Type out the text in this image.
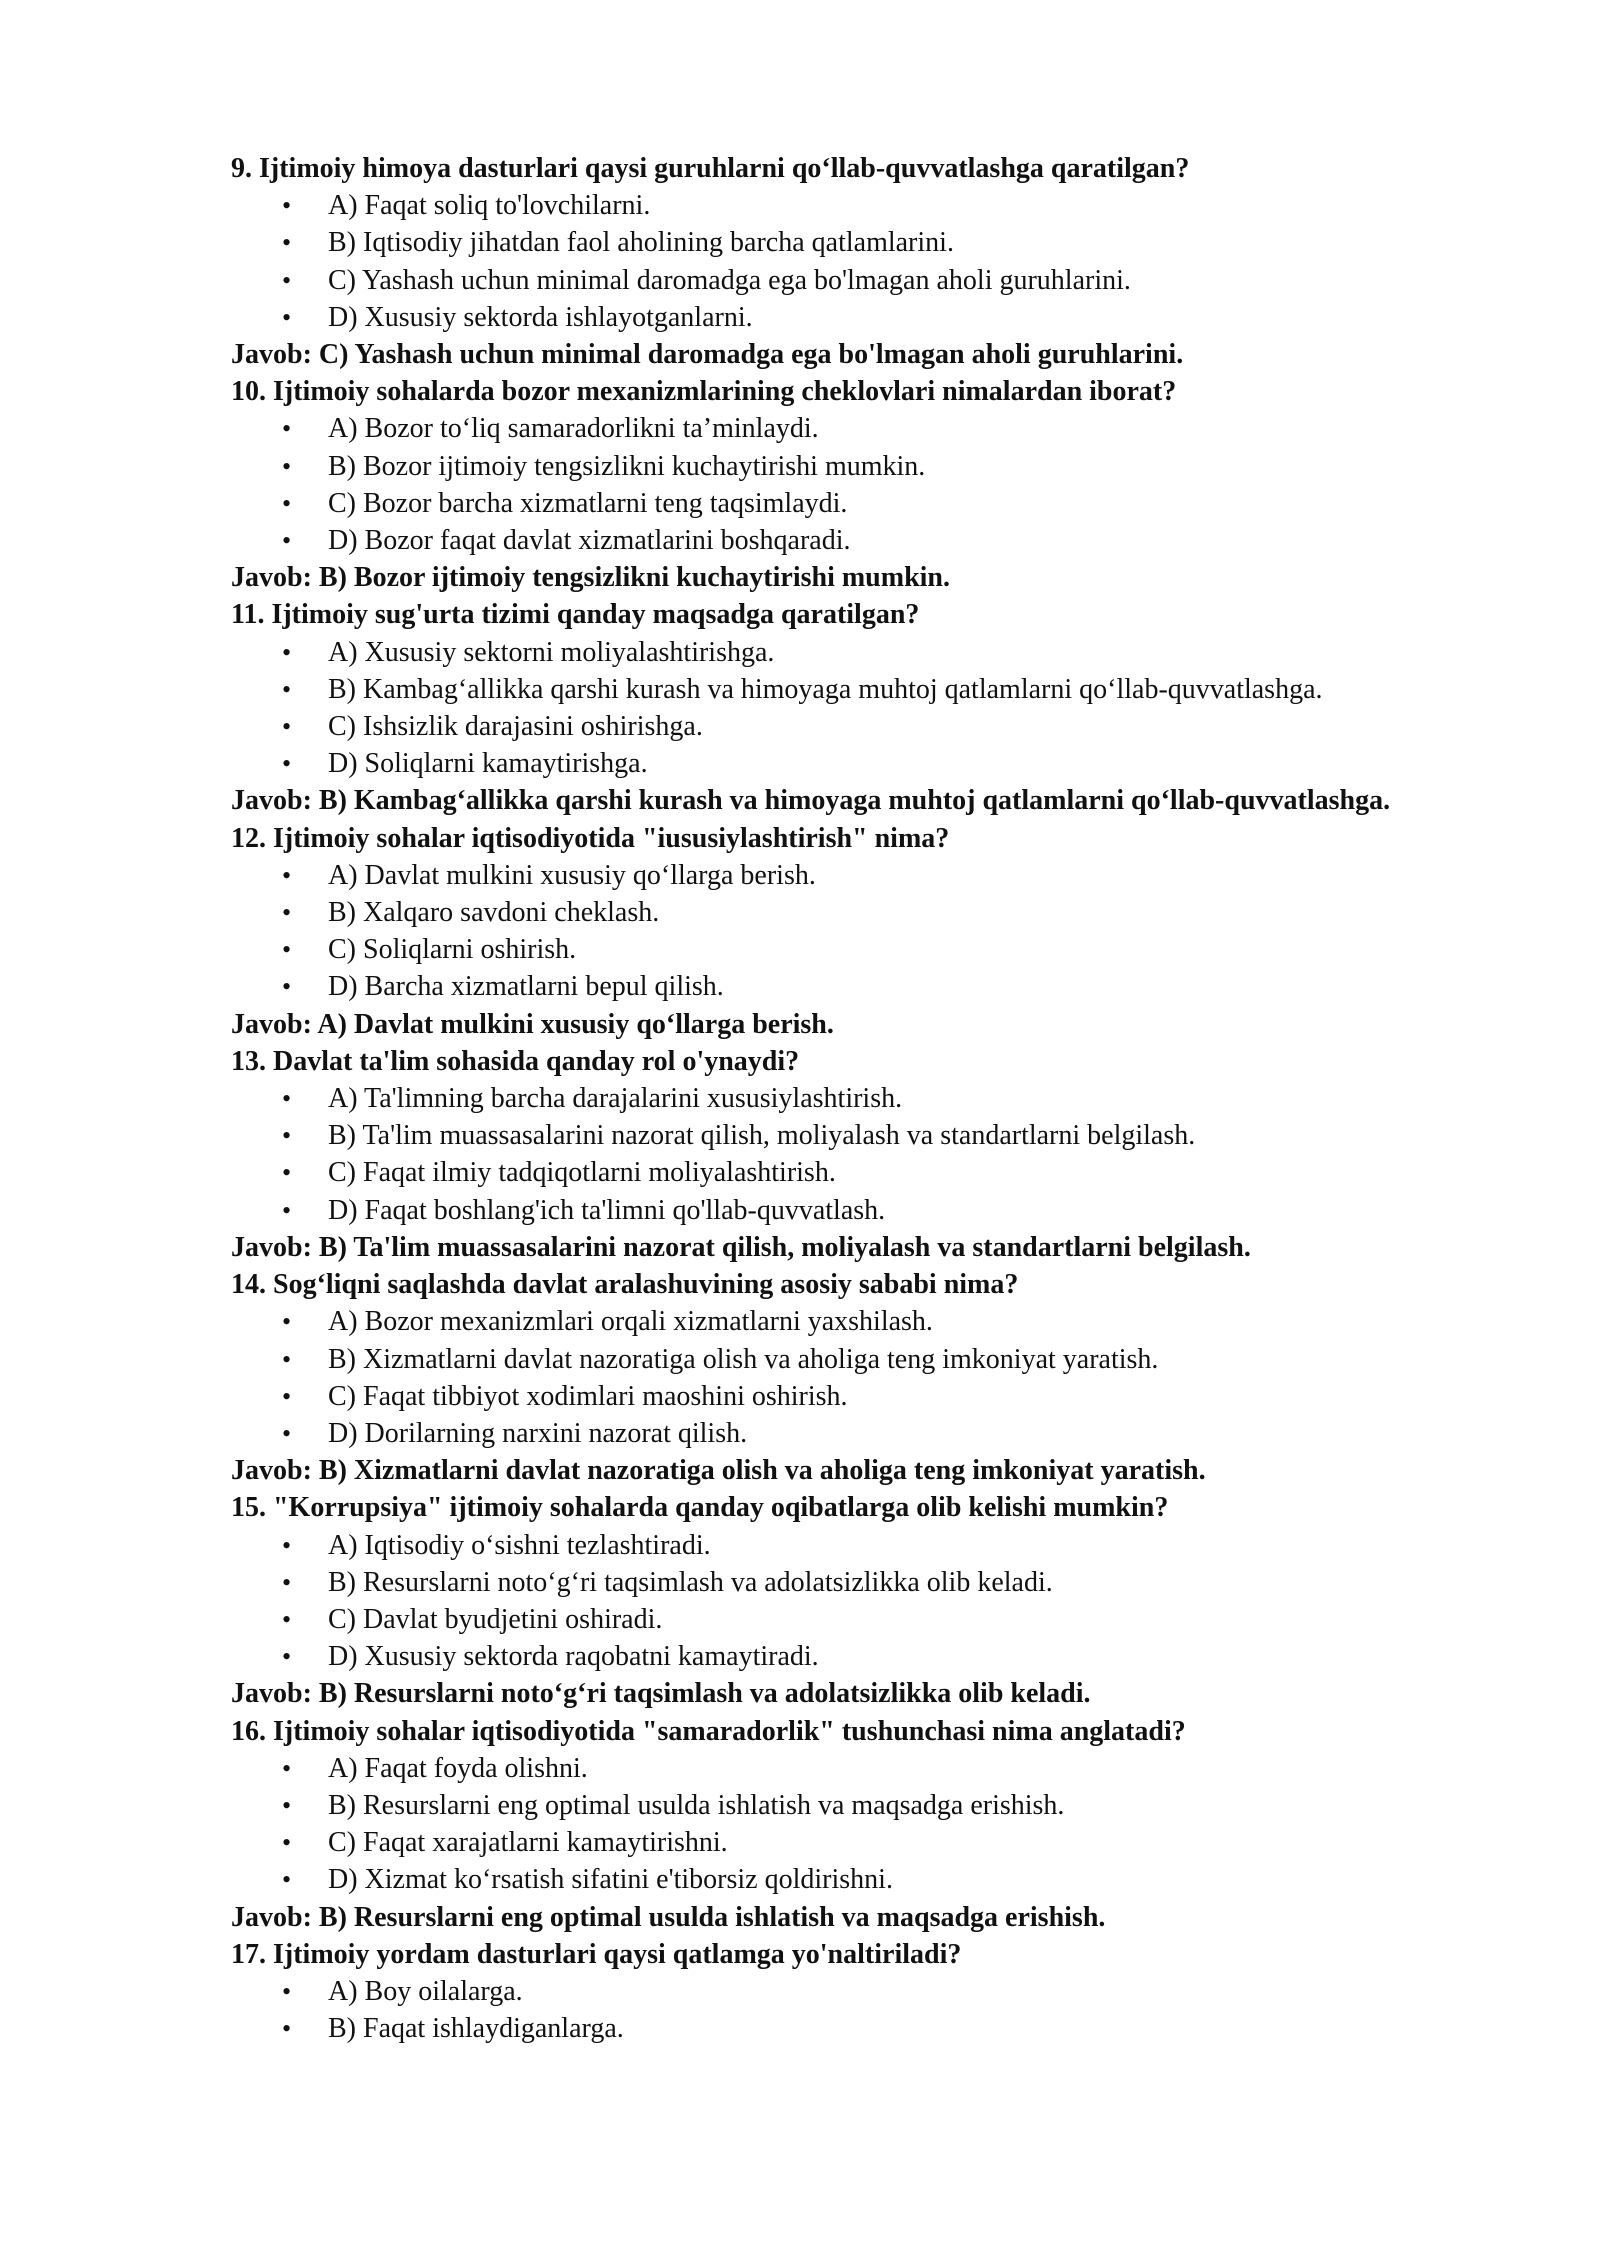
9. Ijtimoiy himoya dasturlari qaysi guruhlarni qo‘llab-quvvatlashga qaratilgan?

• A) Faqat soliq to'lovchilarni.
• B) Iqtisodiy jihatdan faol aholining barcha qatlamlarini.
• C) Yashash uchun minimal daromadga ega bo'lmagan aholi guruhlarini.
• D) Xususiy sektorda ishlayotganlarni.

Javob: C) Yashash uchun minimal daromadga ega bo'lmagan aholi guruhlarini.

10. Ijtimoiy sohalarda bozor mexanizmlarining cheklovlari nimalardan iborat?

• A) Bozor to‘liq samaradorlikni ta’minlaydi.
• B) Bozor ijtimoiy tengsizlikni kuchaytirishi mumkin.
• C) Bozor barcha xizmatlarni teng taqsimlaydi.
• D) Bozor faqat davlat xizmatlarini boshqaradi.

Javob: B) Bozor ijtimoiy tengsizlikni kuchaytirishi mumkin.

11. Ijtimoiy sug'urta tizimi qanday maqsadga qaratilgan?

• A) Xususiy sektorni moliyalashtirishga.
• B) Kambag‘allikka qarshi kurash va himoyaga muhtoj qatlamlarni qo‘llab-quvvatlashga.
• C) Ishsizlik darajasini oshirishga.
• D) Soliqlarni kamaytirishga.

Javob: B) Kambag‘allikka qarshi kurash va himoyaga muhtoj qatlamlarni qo‘llab-quvvatlashga.

12. Ijtimoiy sohalar iqtisodiyotida "iususiylashtirish" nima?

• A) Davlat mulkini xususiy qo‘llarga berish.
• B) Xalqaro savdoni cheklash.
• C) Soliqlarni oshirish.
• D) Barcha xizmatlarni bepul qilish.

Javob: A) Davlat mulkini xususiy qo‘llarga berish.

13. Davlat ta'lim sohasida qanday rol o'ynaydi?

• A) Ta'limning barcha darajalarini xususiylashtirish.
• B) Ta'lim muassasalarini nazorat qilish, moliyalash va standartlarni belgilash.
• C) Faqat ilmiy tadqiqotlarni moliyalashtirish.
• D) Faqat boshlang'ich ta'limni qo'llab-quvvatlash.

Javob: B) Ta'lim muassasalarini nazorat qilish, moliyalash va standartlarni belgilash.

14. Sog‘liqni saqlashda davlat aralashuvining asosiy sababi nima?

• A) Bozor mexanizmlari orqali xizmatlarni yaxshilash.
• B) Xizmatlarni davlat nazoratiga olish va aholiga teng imkoniyat yaratish.
• C) Faqat tibbiyot xodimlari maoshini oshirish.
• D) Dorilarning narxini nazorat qilish.

Javob: B) Xizmatlarni davlat nazoratiga olish va aholiga teng imkoniyat yaratish.

15. "Korrupsiya" ijtimoiy sohalarda qanday oqibatlarga olib kelishi mumkin?

• A) Iqtisodiy o‘sishni tezlashtiradi.
• B) Resurslarni noto‘g‘ri taqsimlash va adolatsizlikka olib keladi.
• C) Davlat byudjetini oshiradi.
• D) Xususiy sektorda raqobatni kamaytiradi.

Javob: B) Resurslarni noto‘g‘ri taqsimlash va adolatsizlikka olib keladi.

16. Ijtimoiy sohalar iqtisodiyotida "samaradorlik" tushunchasi nima anglatadi?

• A) Faqat foyda olishni.
• B) Resurslarni eng optimal usulda ishlatish va maqsadga erishish.
• C) Faqat xarajatlarni kamaytirishni.
• D) Xizmat ko‘rsatish sifatini e'tiborsiz qoldirishni.

Javob: B) Resurslarni eng optimal usulda ishlatish va maqsadga erishish.

17. Ijtimoiy yordam dasturlari qaysi qatlamga yo'naltiriladi?

• A) Boy oilalarga.
• B) Faqat ishlaydiganlarga.
